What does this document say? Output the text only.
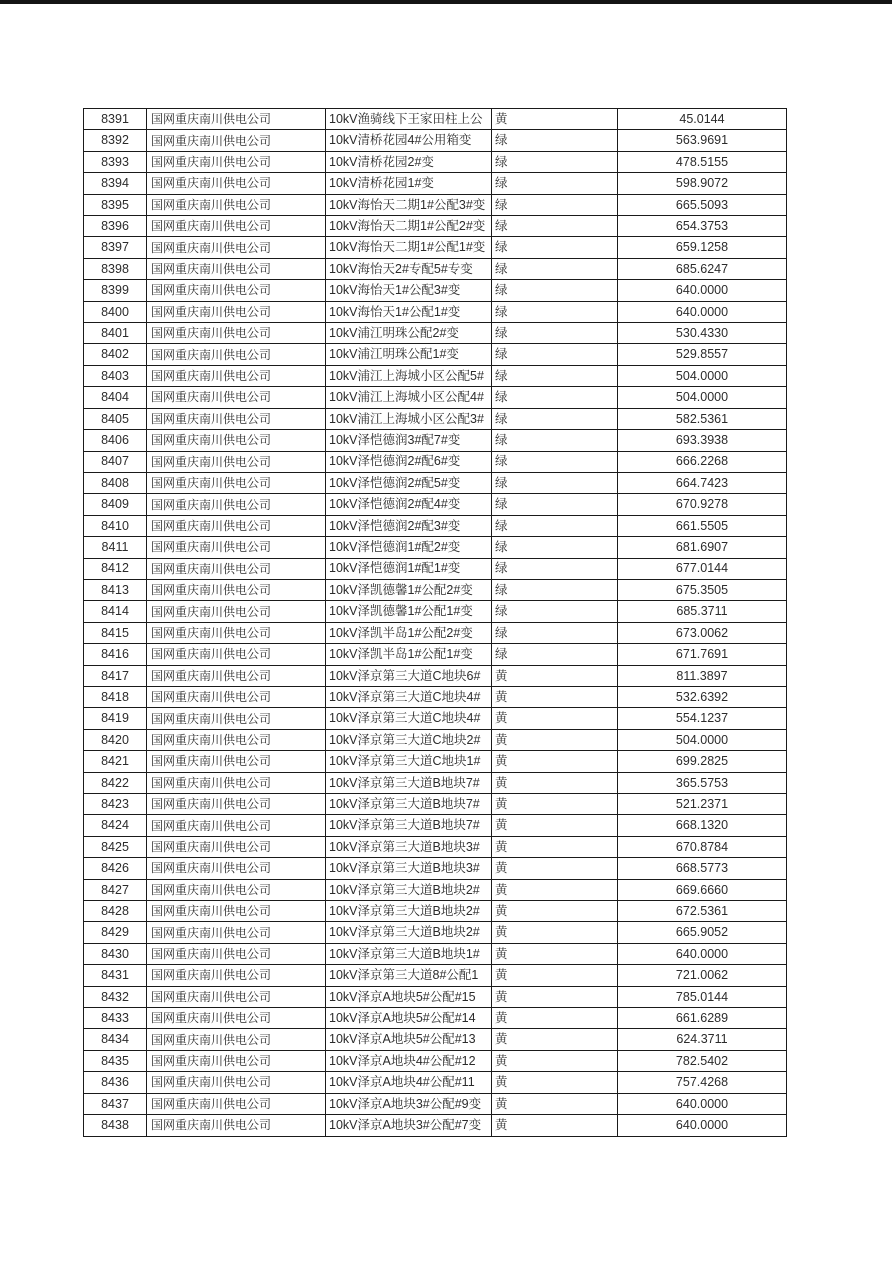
8391	国网重庆南川供电公司	10kV渔骑线下王家田柱上公	黄	45.0144
8392	国网重庆南川供电公司	10kV清桥花园4#公用箱变	绿	563.9691
8393	国网重庆南川供电公司	10kV清桥花园2#变	绿	478.5155
8394	国网重庆南川供电公司	10kV清桥花园1#变	绿	598.9072
8395	国网重庆南川供电公司	10kV海怡天二期1#公配3#变	绿	665.5093
8396	国网重庆南川供电公司	10kV海怡天二期1#公配2#变	绿	654.3753
8397	国网重庆南川供电公司	10kV海怡天二期1#公配1#变	绿	659.1258
8398	国网重庆南川供电公司	10kV海怡天2#专配5#专变	绿	685.6247
8399	国网重庆南川供电公司	10kV海怡天1#公配3#变	绿	640.0000
8400	国网重庆南川供电公司	10kV海怡天1#公配1#变	绿	640.0000
8401	国网重庆南川供电公司	10kV浦江明珠公配2#变	绿	530.4330
8402	国网重庆南川供电公司	10kV浦江明珠公配1#变	绿	529.8557
8403	国网重庆南川供电公司	10kV浦江上海城小区公配5#	绿	504.0000
8404	国网重庆南川供电公司	10kV浦江上海城小区公配4#	绿	504.0000
8405	国网重庆南川供电公司	10kV浦江上海城小区公配3#	绿	582.5361
8406	国网重庆南川供电公司	10kV泽恺德润3#配7#变	绿	693.3938
8407	国网重庆南川供电公司	10kV泽恺德润2#配6#变	绿	666.2268
8408	国网重庆南川供电公司	10kV泽恺德润2#配5#变	绿	664.7423
8409	国网重庆南川供电公司	10kV泽恺德润2#配4#变	绿	670.9278
8410	国网重庆南川供电公司	10kV泽恺德润2#配3#变	绿	661.5505
8411	国网重庆南川供电公司	10kV泽恺德润1#配2#变	绿	681.6907
8412	国网重庆南川供电公司	10kV泽恺德润1#配1#变	绿	677.0144
8413	国网重庆南川供电公司	10kV泽凯德馨1#公配2#变	绿	675.3505
8414	国网重庆南川供电公司	10kV泽凯德馨1#公配1#变	绿	685.3711
8415	国网重庆南川供电公司	10kV泽凯半岛1#公配2#变	绿	673.0062
8416	国网重庆南川供电公司	10kV泽凯半岛1#公配1#变	绿	671.7691
8417	国网重庆南川供电公司	10kV泽京第三大道C地块6#	黄	811.3897
8418	国网重庆南川供电公司	10kV泽京第三大道C地块4#	黄	532.6392
8419	国网重庆南川供电公司	10kV泽京第三大道C地块4#	黄	554.1237
8420	国网重庆南川供电公司	10kV泽京第三大道C地块2#	黄	504.0000
8421	国网重庆南川供电公司	10kV泽京第三大道C地块1#	黄	699.2825
8422	国网重庆南川供电公司	10kV泽京第三大道B地块7#	黄	365.5753
8423	国网重庆南川供电公司	10kV泽京第三大道B地块7#	黄	521.2371
8424	国网重庆南川供电公司	10kV泽京第三大道B地块7#	黄	668.1320
8425	国网重庆南川供电公司	10kV泽京第三大道B地块3#	黄	670.8784
8426	国网重庆南川供电公司	10kV泽京第三大道B地块3#	黄	668.5773
8427	国网重庆南川供电公司	10kV泽京第三大道B地块2#	黄	669.6660
8428	国网重庆南川供电公司	10kV泽京第三大道B地块2#	黄	672.5361
8429	国网重庆南川供电公司	10kV泽京第三大道B地块2#	黄	665.9052
8430	国网重庆南川供电公司	10kV泽京第三大道B地块1#	黄	640.0000
8431	国网重庆南川供电公司	10kV泽京第三大道8#公配1	黄	721.0062
8432	国网重庆南川供电公司	10kV泽京A地块5#公配#15	黄	785.0144
8433	国网重庆南川供电公司	10kV泽京A地块5#公配#14	黄	661.6289
8434	国网重庆南川供电公司	10kV泽京A地块5#公配#13	黄	624.3711
8435	国网重庆南川供电公司	10kV泽京A地块4#公配#12	黄	782.5402
8436	国网重庆南川供电公司	10kV泽京A地块4#公配#11	黄	757.4268
8437	国网重庆南川供电公司	10kV泽京A地块3#公配#9变	黄	640.0000
8438	国网重庆南川供电公司	10kV泽京A地块3#公配#7变	黄	640.0000
